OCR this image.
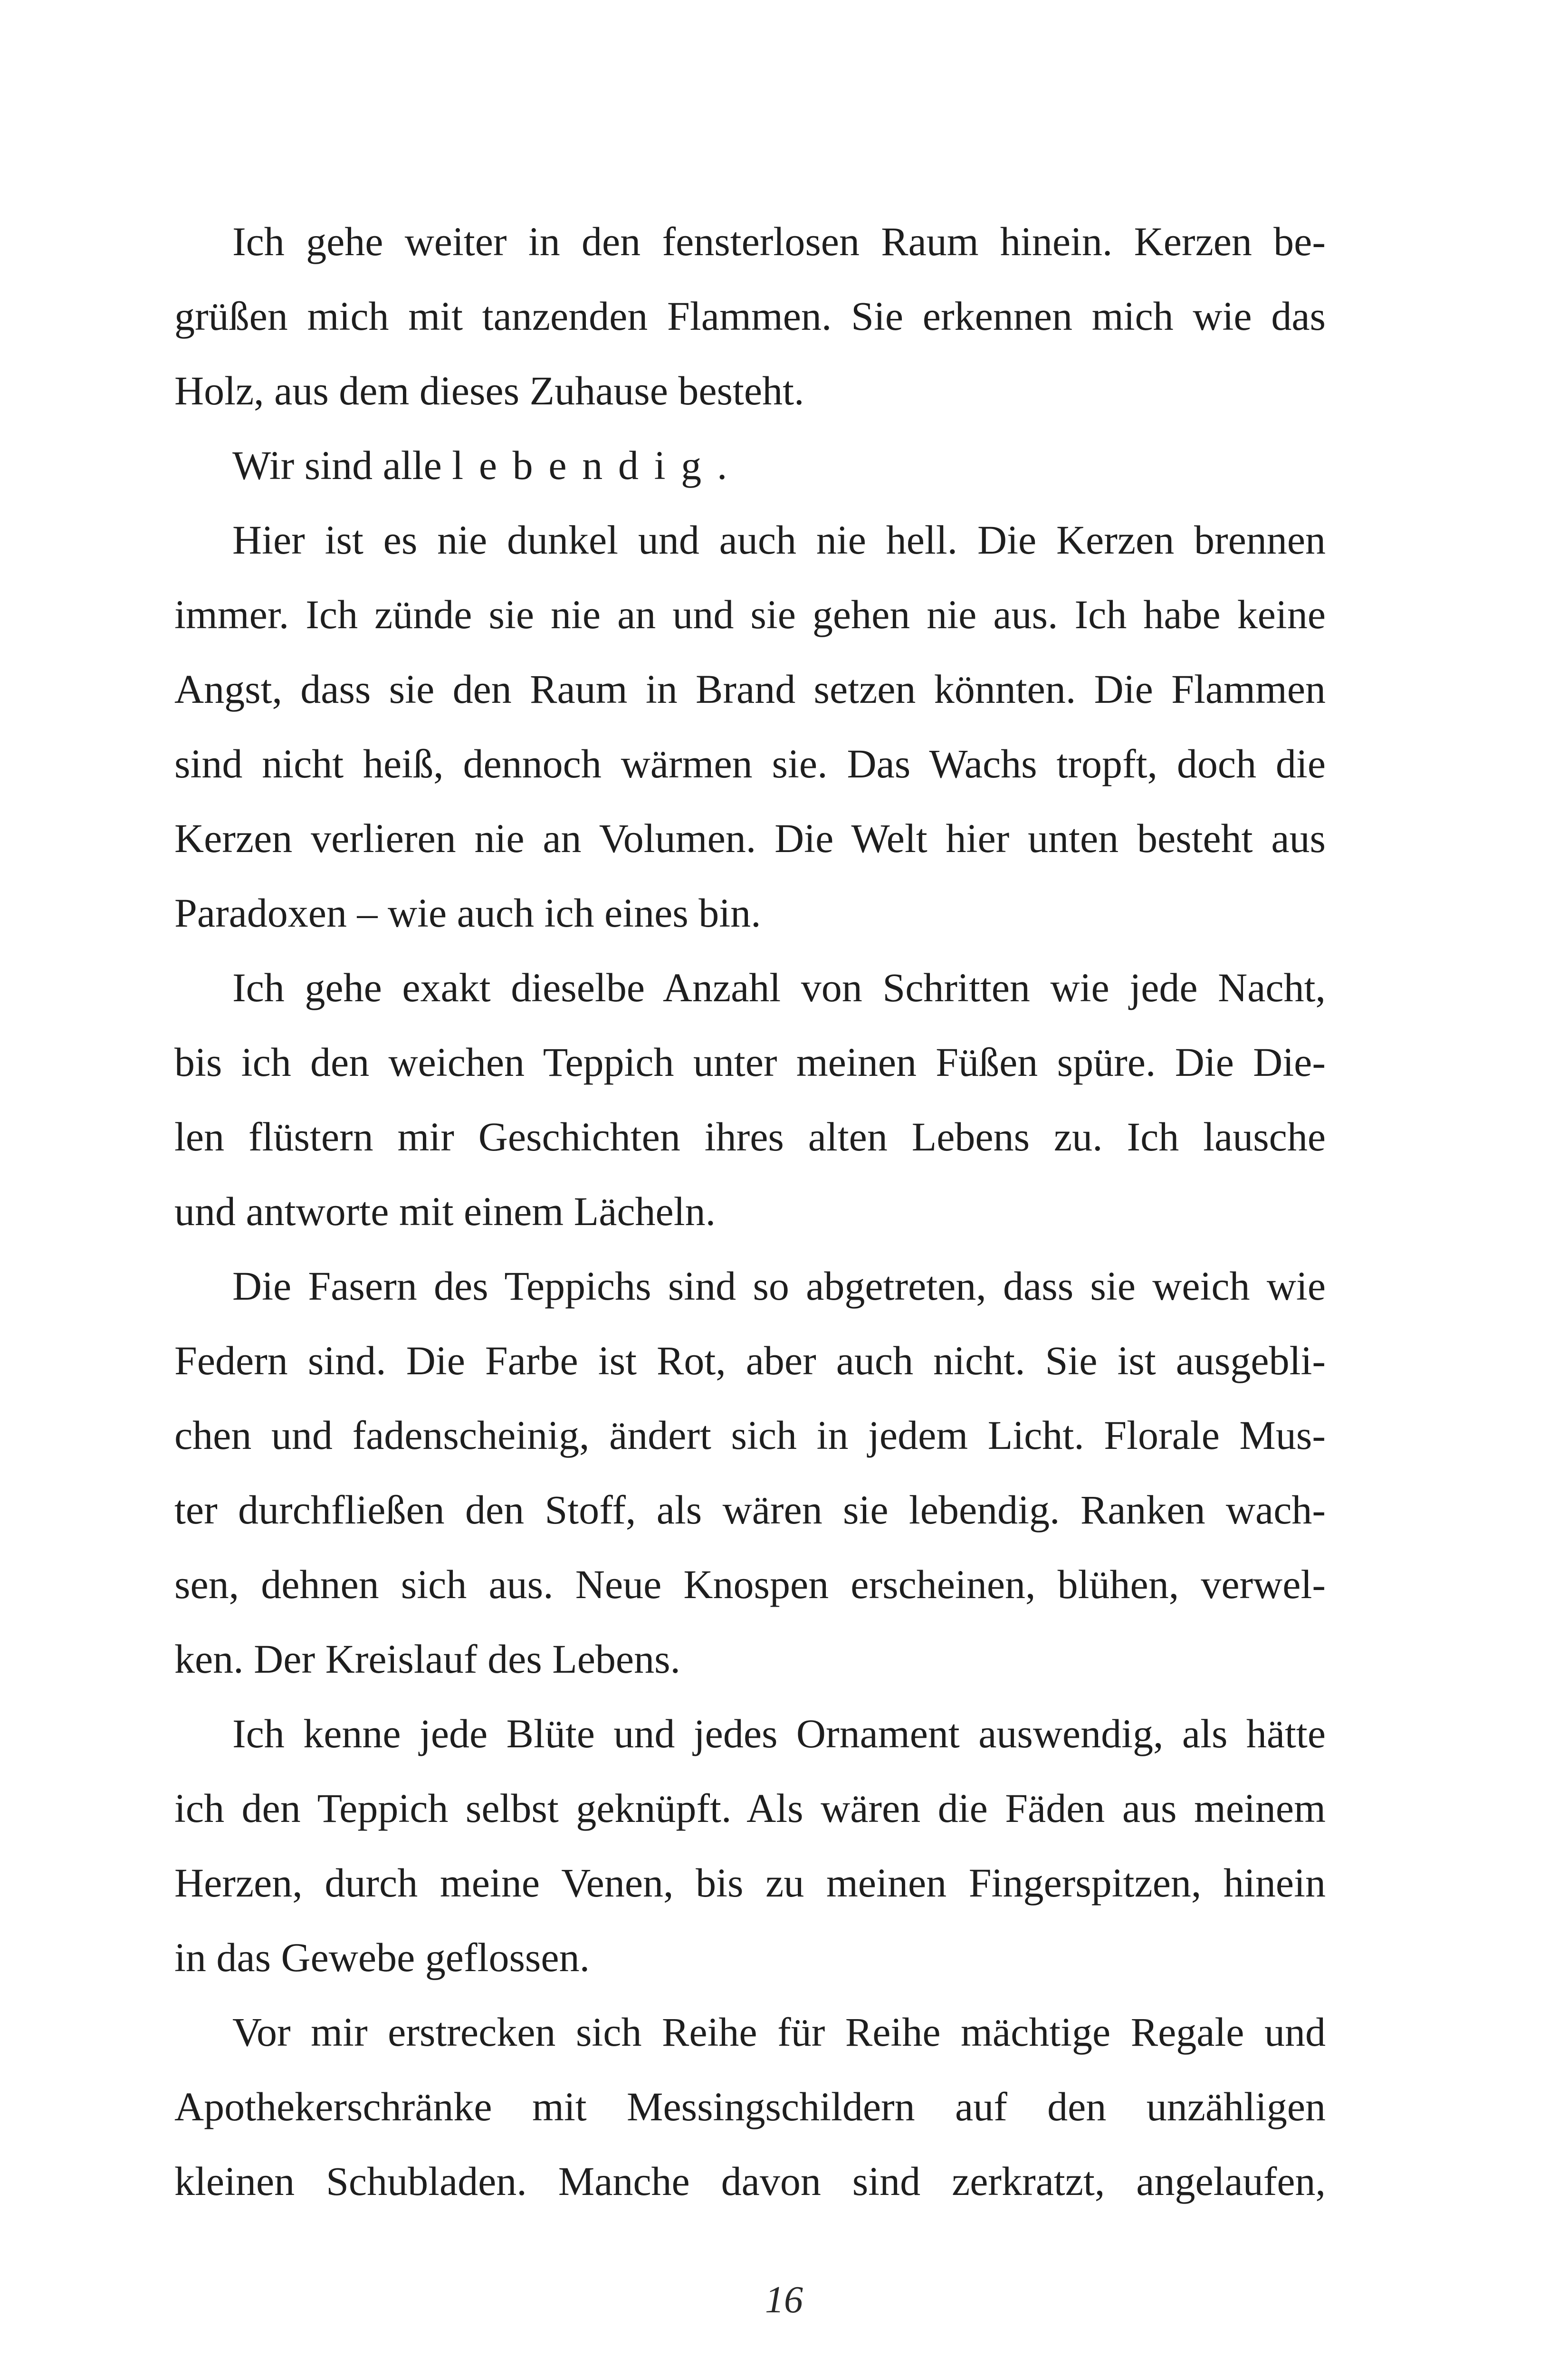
Ich gehe weiter in den fensterlosen Raum hinein. Kerzen be-
grüßen mich mit tanzenden Flammen. Sie erkennen mich wie das
Holz, aus dem dieses Zuhause besteht.
Wir sind alle lebendig.
Hier ist es nie dunkel und auch nie hell. Die Kerzen brennen
immer. Ich zünde sie nie an und sie gehen nie aus. Ich habe keine
Angst, dass sie den Raum in Brand setzen könnten. Die Flammen
sind nicht heiß, dennoch wärmen sie. Das Wachs tropft, doch die
Kerzen verlieren nie an Volumen. Die Welt hier unten besteht aus
Paradoxen – wie auch ich eines bin.
Ich gehe exakt dieselbe Anzahl von Schritten wie jede Nacht,
bis ich den weichen Teppich unter meinen Füßen spüre. Die Die-
len flüstern mir Geschichten ihres alten Lebens zu. Ich lausche
und antworte mit einem Lächeln.
Die Fasern des Teppichs sind so abgetreten, dass sie weich wie
Federn sind. Die Farbe ist Rot, aber auch nicht. Sie ist ausgebli-
chen und fadenscheinig, ändert sich in jedem Licht. Florale Mus-
ter durchfließen den Stoff, als wären sie lebendig. Ranken wach-
sen, dehnen sich aus. Neue Knospen erscheinen, blühen, verwel-
ken. Der Kreislauf des Lebens.
Ich kenne jede Blüte und jedes Ornament auswendig, als hätte
ich den Teppich selbst geknüpft. Als wären die Fäden aus meinem
Herzen, durch meine Venen, bis zu meinen Fingerspitzen, hinein
in das Gewebe geflossen.
Vor mir erstrecken sich Reihe für Reihe mächtige Regale und
Apothekerschränke mit Messingschildern auf den unzähligen
kleinen Schubladen. Manche davon sind zerkratzt, angelaufen,
16
